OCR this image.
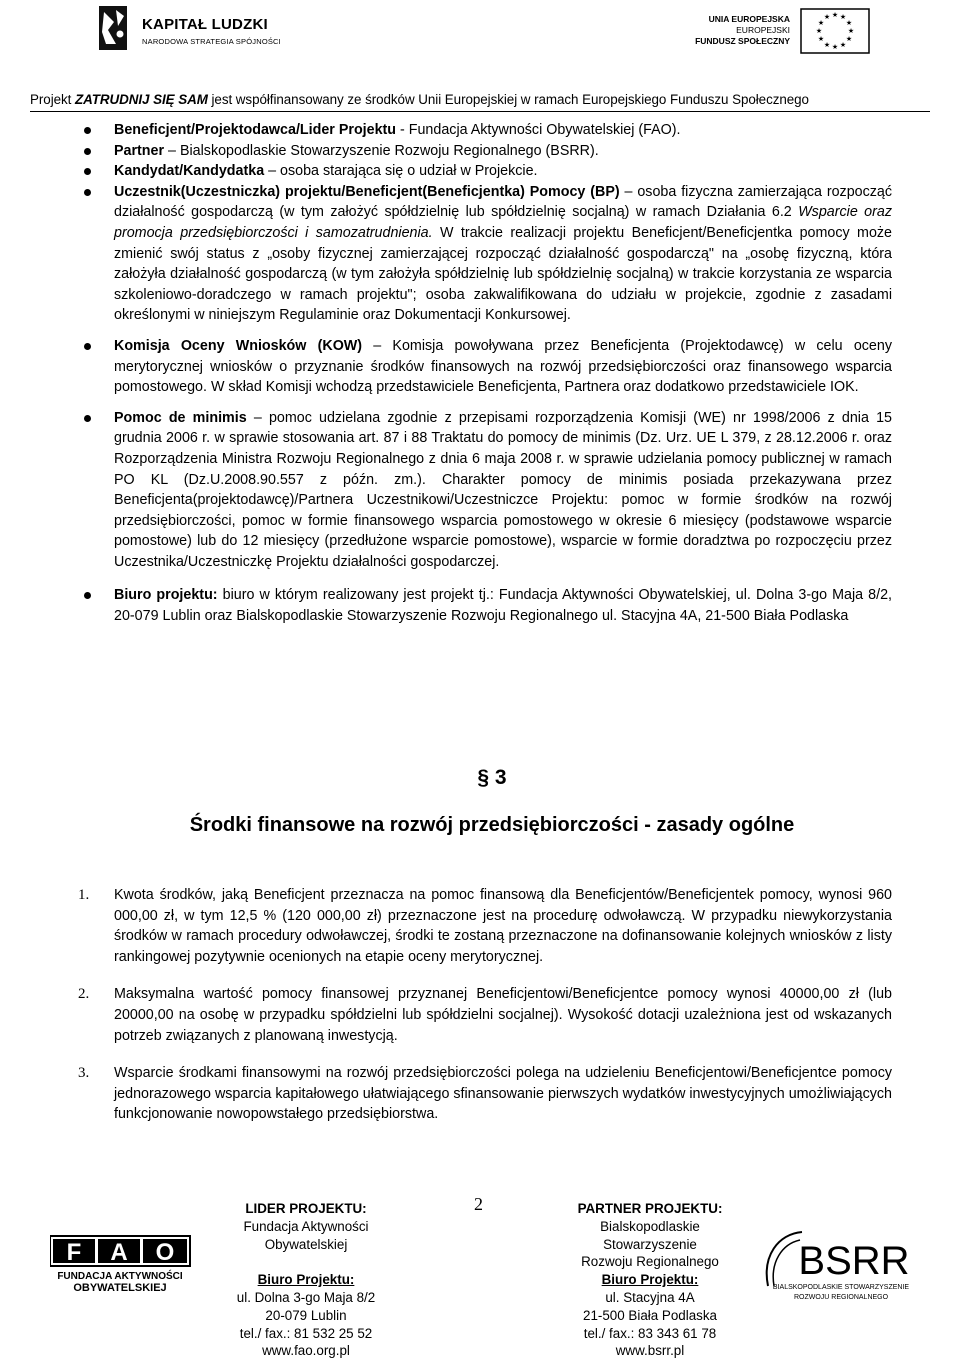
KAPITAŁ LUDZKI
NARODOWA STRATEGIA SPÓJNOŚCI
UNIA EUROPEJSKA
EUROPEJSKI
FUNDUSZ SPOŁECZNY
★ ★
★
★
★
★
★
★
★
★
★
★
Projekt ZATRUDNIJ SIĘ SAM jest współfinansowany ze środków Unii Europejskiej w ramach Europejskiego Funduszu Społecznego
Beneficjent/Projektodawca/Lider Projektu - Fundacja Aktywności Obywatelskiej (FAO).
Partner – Bialskopodlaskie Stowarzyszenie Rozwoju Regionalnego (BSRR).
Kandydat/Kandydatka – osoba starająca się o udział w Projekcie.
Uczestnik(Uczestniczka) projektu/Beneficjent(Beneficjentka) Pomocy (BP) – osoba fizyczna zamierzająca rozpocząć działalność gospodarczą (w tym założyć spółdzielnię lub spółdzielnię socjalną) w ramach Działania 6.2 Wsparcie oraz promocja przedsiębiorczości i samozatrudnienia. W trakcie realizacji projektu Beneficjent/Beneficjentka pomocy może zmienić swój status z „osoby fizycznej zamierzającej rozpocząć działalność gospodarczą" na „osobę fizyczną, która założyła działalność gospodarczą (w tym założyła spółdzielnię lub spółdzielnię socjalną) w trakcie korzystania ze wsparcia szkoleniowo-doradczego w ramach projektu"; osoba zakwalifikowana do udziału w projekcie, zgodnie z zasadami określonymi w niniejszym Regulaminie oraz Dokumentacji Konkursowej.
Komisja Oceny Wniosków (KOW) – Komisja powoływana przez Beneficjenta (Projektodawcę) w celu oceny merytorycznej wniosków o przyznanie środków finansowych na rozwój przedsiębiorczości oraz finansowego wsparcia pomostowego. W skład Komisji wchodzą przedstawiciele Beneficjenta, Partnera oraz dodatkowo przedstawiciele IOK.
Pomoc de minimis – pomoc udzielana zgodnie z przepisami rozporządzenia Komisji (WE) nr 1998/2006 z dnia 15 grudnia 2006 r. w sprawie stosowania art. 87 i 88 Traktatu do pomocy de minimis (Dz. Urz. UE L 379, z 28.12.2006 r. oraz Rozporządzenia Ministra Rozwoju Regionalnego z dnia 6 maja 2008 r. w sprawie udzielania pomocy publicznej w ramach PO KL (Dz.U.2008.90.557 z późn. zm.). Charakter pomocy de minimis posiada przekazywana przez Beneficjenta(projektodawcę)/Partnera Uczestnikowi/Uczestniczce Projektu: pomoc w formie środków na rozwój przedsiębiorczości, pomoc w formie finansowego wsparcia pomostowego w okresie 6 miesięcy (podstawowe wsparcie pomostowe) lub do 12 miesięcy (przedłużone wsparcie pomostowe), wsparcie w formie doradztwa po rozpoczęciu przez Uczestnika/Uczestniczkę Projektu działalności gospodarczej.
Biuro projektu: biuro w którym realizowany jest projekt tj.: Fundacja Aktywności Obywatelskiej, ul. Dolna 3-go Maja 8/2, 20-079 Lublin oraz Bialskopodlaskie Stowarzyszenie Rozwoju Regionalnego ul. Stacyjna 4A, 21-500 Biała Podlaska
§ 3
Środki finansowe na rozwój przedsiębiorczości - zasady ogólne
1. Kwota środków, jaką Beneficjent przeznacza na pomoc finansową dla Beneficjentów/Beneficjentek pomocy, wynosi 960 000,00 zł, w tym 12,5 % (120 000,00 zł) przeznaczone jest na procedurę odwoławczą. W przypadku niewykorzystania środków w ramach procedury odwoławczej, środki te zostaną przeznaczone na dofinansowanie kolejnych wniosków z listy rankingowej pozytywnie ocenionych na etapie oceny merytorycznej.
2. Maksymalna wartość pomocy finansowej przyznanej Beneficjentowi/Beneficjentce pomocy wynosi 40000,00 zł (lub 20000,00 na osobę w przypadku spółdzielni lub spółdzielni socjalnej). Wysokość dotacji uzależniona jest od wskazanych potrzeb związanych z planowaną inwestycją.
3. Wsparcie środkami finansowymi na rozwój przedsiębiorczości polega na udzieleniu Beneficjentowi/Beneficjentce pomocy jednorazowego wsparcia kapitałowego ułatwiającego sfinansowanie pierwszych wydatków inwestycyjnych umożliwiających funkcjonowanie nowopowstałego przedsiębiorstwa.
2
F A O
FUNDACJA AKTYWNOŚCI
OBYWATELSKIEJ
LIDER PROJEKTU:
Fundacja Aktywności
Obywatelskiej
Biuro Projektu:
ul. Dolna 3-go Maja 8/2
20-079 Lublin
tel./ fax.: 81 532 25 52
www.fao.org.pl
PARTNER PROJEKTU:
Bialskopodlaskie
Stowarzyszenie
Rozwoju Regionalnego
Biuro Projektu:
ul. Stacyjna 4A
21-500 Biała Podlaska
tel./ fax.: 83 343 61 78
www.bsrr.pl
BSRR
BIALSKOPODLASKIE STOWARZYSZENIE
ROZWOJU REGIONALNEGO
